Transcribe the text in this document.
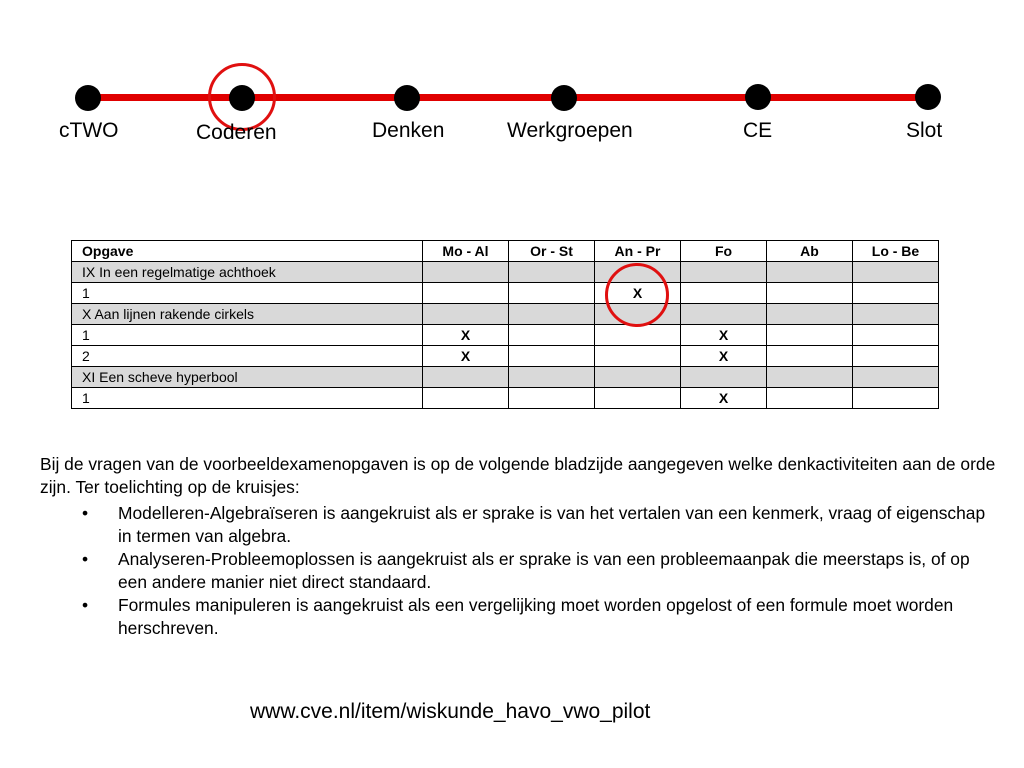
cTWO	Coderen	Denken	Werkgroepen	CE	Slot
Opgave	Mo - Al	Or - St	An - Pr	Fo	Ab	Lo - Be
IX In een regelmatige achthoek						
1			X			
X Aan lijnen rakende cirkels						
1	X			X		
2	X			X		
XI Een scheve hyperbool						
1				X		
Bij de vragen van de voorbeeldexamenopgaven is op de volgende bladzijde aangegeven welke denkactiviteiten aan de orde zijn. Ter toelichting op de kruisjes:
• Modelleren-Algebraïseren is aangekruist als er sprake is van het vertalen van een kenmerk, vraag of eigenschap in termen van algebra.
• Analyseren-Probleemoplossen is aangekruist als er sprake is van een probleemaanpak die meerstaps is, of op een andere manier niet direct standaard.
• Formules manipuleren is aangekruist als een vergelijking moet worden opgelost of een formule moet worden herschreven.
www.cve.nl/item/wiskunde_havo_vwo_pilot
